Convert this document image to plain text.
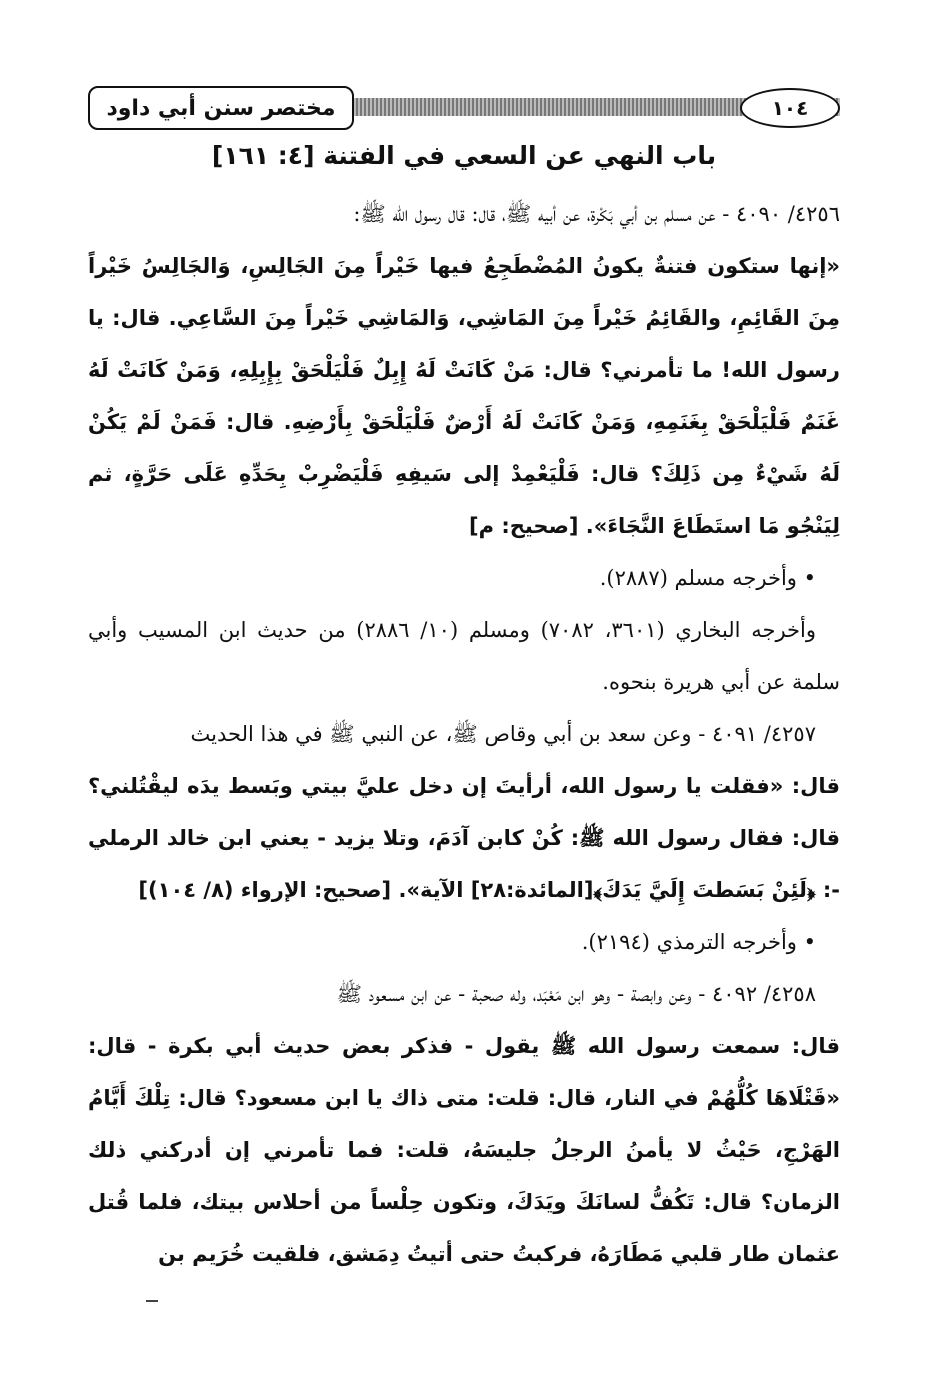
مختصر سنن أبي داود	١٠٤
باب النهي عن السعي في الفتنة [٤: ١٦١]

٤٢٥٦/ ٤٠٩٠ - عن مسلم بن أبي بَكْرة، عن أبيه ﷺ، قال: قال رسول الله ﷺ:

«إنها ستكون فتنةٌ يكونُ المُضْطَجِعُ فيها خَيْراً مِنَ الجَالِسِ، وَالجَالِسُ خَيْراً مِنَ القَائِمِ، والقَائِمُ خَيْراً مِنَ المَاشِي، وَالمَاشِي خَيْراً مِنَ السَّاعِي. قال: يا رسول الله! ما تأمرني؟ قال: مَنْ كَانَتْ لَهُ إِبِلٌ فَلْيَلْحَقْ بِإِبِلِهِ، وَمَنْ كَانَتْ لَهُ غَنَمٌ فَلْيَلْحَقْ بِغَنَمِهِ، وَمَنْ كَانَتْ لَهُ أَرْضٌ فَلْيَلْحَقْ بِأَرْضِهِ. قال: فَمَنْ لَمْ يَكُنْ لَهُ شَيْءٌ مِن ذَلِكَ؟ قال: فَلْيَعْمِدْ إلى سَيفِهِ فَلْيَضْرِبْ بِحَدِّهِ عَلَى حَرَّةٍ، ثم لِيَنْجُو مَا استَطَاعَ النَّجَاءَ». [صحيح: م]

• وأخرجه مسلم (٢٨٨٧).

وأخرجه البخاري (٣٦٠١، ٧٠٨٢) ومسلم (١٠/ ٢٨٨٦) من حديث ابن المسيب وأبي سلمة عن أبي هريرة بنحوه.

٤٢٥٧/ ٤٠٩١ - وعن سعد بن أبي وقاص ﷺ، عن النبي ﷺ في هذا الحديث

قال: «فقلت يا رسول الله، أرأيتَ إن دخل عليَّ بيتي وبَسط يدَه ليقْتُلني؟ قال: فقال رسول الله ﷺ: كُنْ كابن آدَمَ، وتلا يزيد - يعني ابن خالد الرملي -: ﴿لَئِنْ بَسَطتَ إِلَيَّ يَدَكَ﴾[المائدة:٢٨] الآية». [صحيح: الإرواء (٨/ ١٠٤)]

• وأخرجه الترمذي (٢١٩٤).

٤٢٥٨/ ٤٠٩٢ - وعن وابصة - وهو ابن مَعْبَد، وله صحبة - عن ابن مسعود ﷺ

قال: سمعت رسول الله ﷺ يقول - فذكر بعض حديث أبي بكرة - قال: «قَتْلَاهَا كُلُّهُمْ في النار، قال: قلت: متى ذاك يا ابن مسعود؟ قال: تِلْكَ أَيَّامُ الهَرْجِ، حَيْثُ لا يأمنُ الرجلُ جليسَهُ، قلت: فما تأمرني إن أدركني ذلك الزمان؟ قال: تَكُفُّ لسانَكَ ويَدَكَ، وتكون حِلْساً من أحلاس بيتك، فلما قُتل عثمان طار قلبي مَطَارَهُ، فركبتُ حتى أتيتُ دِمَشق، فلقيت خُرَيم بن
